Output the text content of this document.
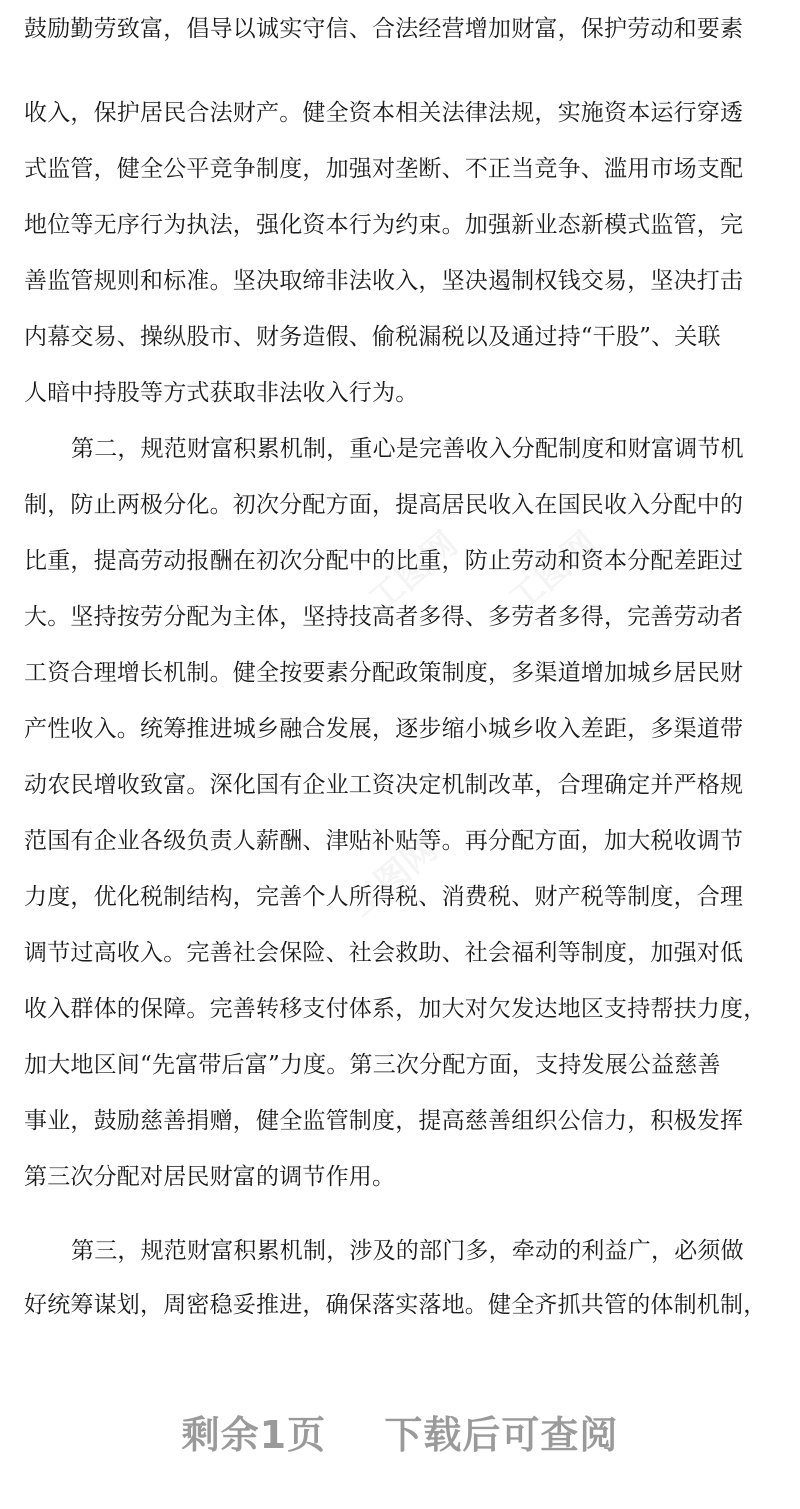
工图网 工图网
工图网
鼓励勤劳致富，倡导以诚实守信、合法经营增加财富，保护劳动和要素
收入，保护居民合法财产。健全资本相关法律法规，实施资本运行穿透
式监管，健全公平竞争制度，加强对垄断、不正当竞争、滥用市场支配
地位等无序行为执法，强化资本行为约束。加强新业态新模式监管，完
善监管规则和标准。坚决取缔非法收入，坚决遏制权钱交易，坚决打击
内幕交易、操纵股市、财务造假、偷税漏税以及通过持“干股”、关联
人暗中持股等方式获取非法收入行为。
第二，规范财富积累机制，重心是完善收入分配制度和财富调节机
制，防止两极分化。初次分配方面，提高居民收入在国民收入分配中的
比重，提高劳动报酬在初次分配中的比重，防止劳动和资本分配差距过
大。坚持按劳分配为主体，坚持技高者多得、多劳者多得，完善劳动者
工资合理增长机制。健全按要素分配政策制度，多渠道增加城乡居民财
产性收入。统筹推进城乡融合发展，逐步缩小城乡收入差距，多渠道带
动农民增收致富。深化国有企业工资决定机制改革，合理确定并严格规
范国有企业各级负责人薪酬、津贴补贴等。再分配方面，加大税收调节
力度，优化税制结构，完善个人所得税、消费税、财产税等制度，合理
调节过高收入。完善社会保险、社会救助、社会福利等制度，加强对低
收入群体的保障。完善转移支付体系，加大对欠发达地区支持帮扶力度，
加大地区间“先富带后富”力度。第三次分配方面，支持发展公益慈善
事业，鼓励慈善捐赠，健全监管制度，提高慈善组织公信力，积极发挥
第三次分配对居民财富的调节作用。
第三，规范财富积累机制，涉及的部门多，牵动的利益广，必须做
好统筹谋划，周密稳妥推进，确保落实落地。健全齐抓共管的体制机制，
剩余1页 下载后可查阅
